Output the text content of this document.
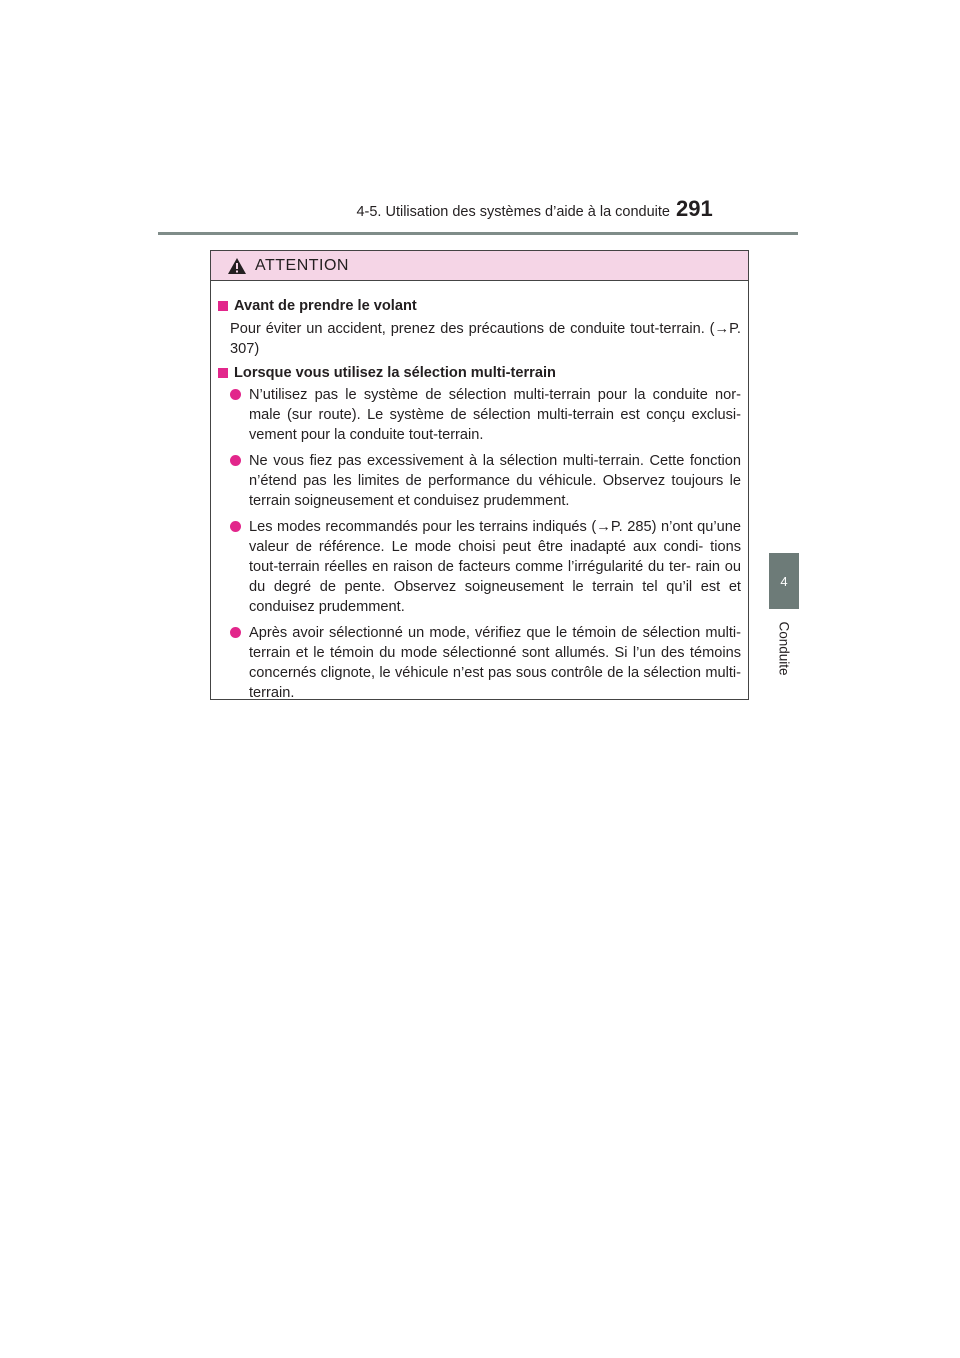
4-5. Utilisation des systèmes d’aide à la conduite 291
4
Conduite
ATTENTION
Avant de prendre le volant
Pour éviter un accident, prenez des précautions de conduite tout-terrain. (→P. 307)
Lorsque vous utilisez la sélection multi-terrain
N’utilisez pas le système de sélection multi-terrain pour la conduite nor- male (sur route). Le système de sélection multi-terrain est conçu exclusi- vement pour la conduite tout-terrain.
Ne vous fiez pas excessivement à la sélection multi-terrain. Cette fonction n’étend pas les limites de performance du véhicule. Observez toujours le terrain soigneusement et conduisez prudemment.
Les modes recommandés pour les terrains indiqués (→P. 285) n’ont qu’une valeur de référence. Le mode choisi peut être inadapté aux condi- tions tout-terrain réelles en raison de facteurs comme l’irrégularité du ter- rain ou du degré de pente. Observez soigneusement le terrain tel qu’il est et conduisez prudemment.
Après avoir sélectionné un mode, vérifiez que le témoin de sélection multi- terrain et le témoin du mode sélectionné sont allumés. Si l’un des témoins concernés clignote, le véhicule n’est pas sous contrôle de la sélection multi-terrain.
